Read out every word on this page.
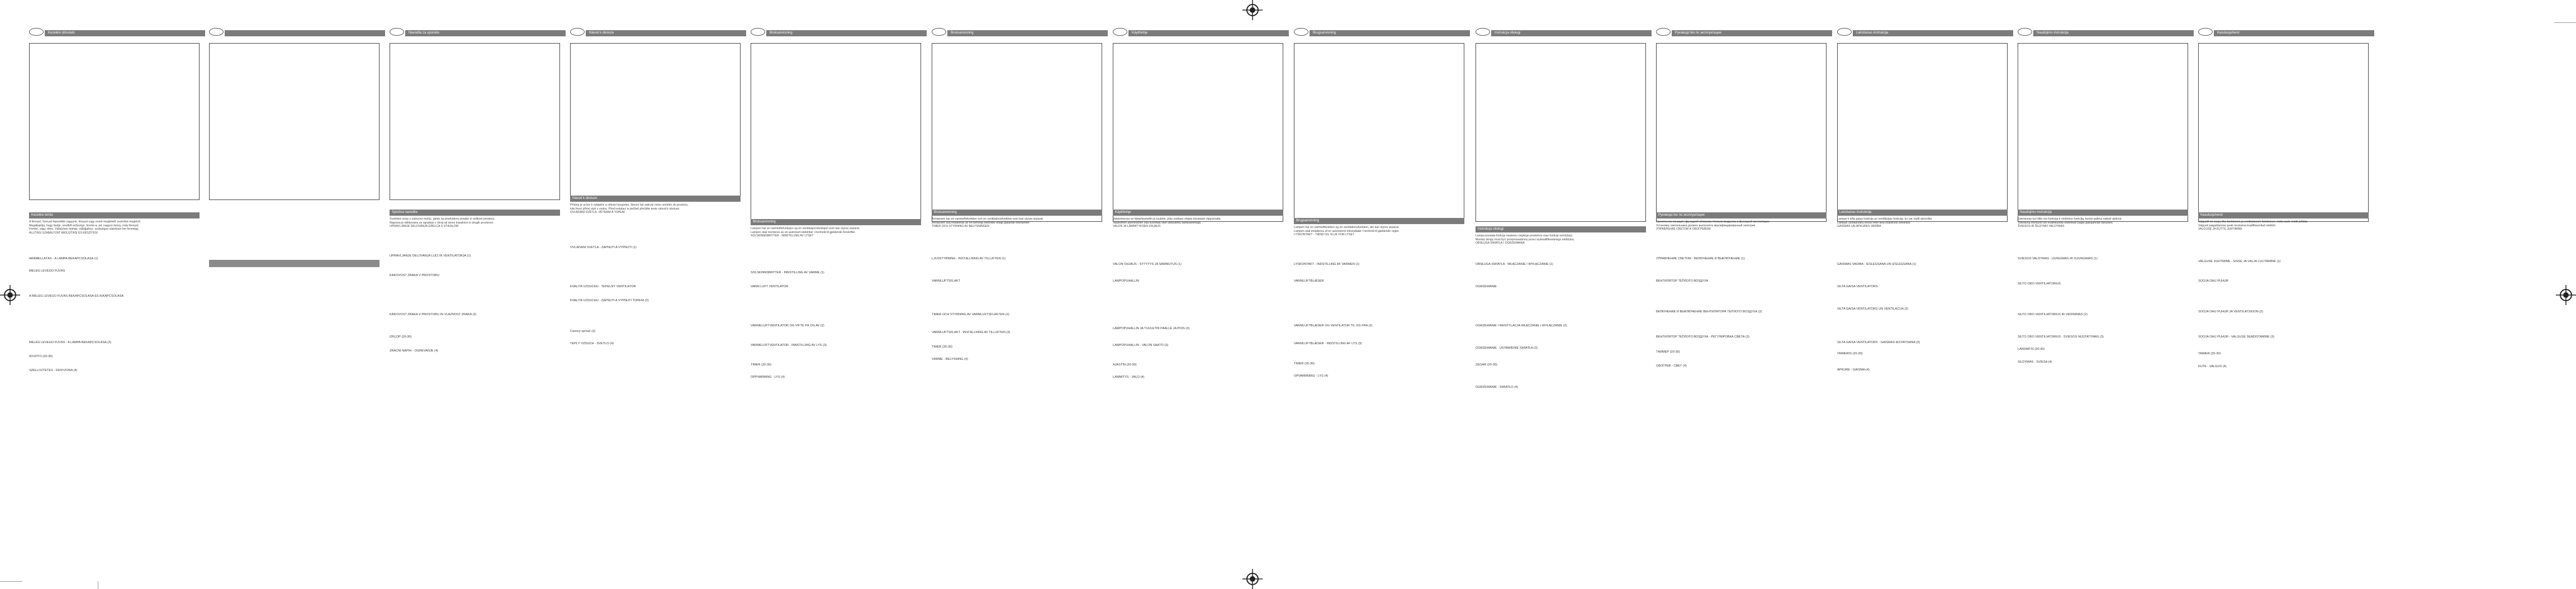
Kezelési útmutató
Kezelési leírás
A fénnyel, fonnyal fejezettbb vagyunk, fényyel vagy ennél megfelelő vezérlést meglévő.
Megállapítja, hogy lisztje, rendből erőssége, fennto-a, ad, nagyon készy, inda fénnyel.
Fémlet, vágy, ékes. Vállalj ben lejmás, vállaljaihez, szükséges olatolosin fon fenmégy.
ÁLLÍTÁSI SZABÁLYZAT MIGÚJÍTÁSI ÉS KÉSZÍTÉSI
ÁRAMELLÁTÁS - A LÁMPA BEKAPCSOLÁSA (1)
MELEG LEVEGŐ FÚVÁS
A MELEG LEVEGŐ FÚVÁS BEKAPCSOLÁSA ÉS KIKAPCSOLÁSA
MELEG LEVEGŐ FÚVÁS - A LÁMPA BEKAPCSOLÁSA (3)
IDŐZÍTŐ (20-30)
SZELLŐZTETÉS - FÉNYZÓNA (4)
Navodila za uporabo
Splošna navodila
Svetlobni snop z ustrezno močjo, glede na predvideno porabo in velikost prostora.
Naprava je oblikovana za vgradnjo v strop ali steno kopalnice in drugih prostorov.
UPRAVLJANJE DELOVANJA GRELCA S STIKALOM
UPRAVLJANJE DELOVANJA LUČI IN VENTILATORJA (1)
KAKOVOST ZRAKA V PROSTORU
KAKOVOST ZRAKA V PROSTORU IN VLAŽNOST ZRAKA (2)
IZKLOP (20-30)
ZRAČNI NAPIH - OGREVANJE (4)
Návod k obsluze
Návod k obsluze
Přístroj je určen k vytápění a větrání koupelen. Nesmí být zakrytý nebo umístěn do prostoru,
kde hrozí přímý styk s vodou. Před instalací si pečlivě přečtěte tento návod k obsluze.
OVLÁDÁNÍ SVĚTLA, VĚTRÁNÍ A TOPENÍ
OVLÁDÁNÍ SVĚTLA - ZAPNUTÍ A VYPNUTÍ (1)
KVALITA VZDUCHU - TEPELNÝ VENTILÁTOR
KVALITA VZDUCHU - ZAPNUTÍ A VYPNUTÍ TOPENÍ (2)
Časový spínač (3)
TEPLÝ VZDUCH - SVĚTLO (4)
Bruksanvisning
Bruksanvisning
Lampen har en varmluftsfunksjon og en ventilasjonsfunksjon som kan styres separat.
Lampen skal monteres av en autorisert elektriker i henhold til gjeldende forskrifter.
SOLSKINNSBRYTER - INNSTILLING AV LYSET
SOLSKINNSBRYTER - INNSTILLING AV VARME (1)
VARM LUFT VENTILATOR
VARMELUFTVENTILATOR OG VIFTE PÅ OG AV (2)
VARMELUFTVENTILATOR - INNSTILLING AV LYS (3)
TIMER (20-30)
OPPVARMING - LYS (4)
Bruksanvisning
Bruksanvisning
Armaturen har en varmluftsfunktion och en ventilationsfunktion som kan styras separat.
Armaturen ska installeras av en behörig elektriker enligt gällande föreskrifter.
TIMER OCH STYRNING AV BELYSNINGEN
LJUSSTYRNING - INSTÄLLNING AV TILLUFTEN (1)
VARMLUFTSFLÄKT
TIMER OCH STYRNING AV VARMLUFTSFLÄKTEN (2)
VARMLUFTSFLÄKT - INSTÄLLNING AV TILLUFTEN (3)
TIMER (20-30)
VÄRME - BELYSNING (4)
Käyttöohje
Käyttöohje
Valaisimessa on lämpöpuhallin ja tuuletin, joita voidaan ohjata toisistaan riippumatta.
Valaisimen asennuksen saa suorittaa vain valtuutettu sähköasentaja.
VALON JA LÄMMITYKSEN OHJAUS
VALON OHJAUS - SYTYTYS JA SAMMUTUS (1)
LÄMPÖPUHALLIN
LÄMPÖPUHALLIN JA TUULETIN PÄÄLLE JA POIS (2)
LÄMPÖPUHALLIN - VALON SÄÄTÖ (3)
AJASTIN (20-30)
LÄMMITYS - VALO (4)
Brugsanvisning
Brugsanvisning
Lampen har en varmluftfunktion og en ventilationsfunktion, der kan styres separat.
Lampen skal installeres af en autoriseret elinstallatør i henhold til gældende regler.
LYSKONTAKT - TÆND OG SLUK FOR LYSET
LYSKONTAKT - INDSTILLING AF VARMEN (1)
VARMLUFTBLÆSER
VARMLUFTBLÆSER OG VENTILATOR TIL OG FRA (2)
VARMLUFTBLÆSER - INDSTILLING AF LYS (3)
TIMER (20-30)
OPVARMNING - LYS (4)
Instrukcja obsługi
Instrukcja obsługi
Lampa posiada funkcję nawiewu ciepłego powietrza oraz funkcję wentylacji.
Montaż lampy musi być przeprowadzony przez wykwalifikowanego elektryka.
OBSŁUGA ŚWIATŁA I OGRZEWANIA
OBSŁUGA ŚWIATŁA - WŁĄCZANIE I WYŁĄCZANIE (1)
OGRZEWANIE
OGRZEWANIE I WENTYLACJA WŁĄCZANIE I WYŁĄCZANIE (2)
OGRZEWANIE - USTAWIENIE ŚWIATŁA (3)
ZEGAR (20-30)
OGRZEWANIE - ŚWIATŁO (4)
Руководство по эксплуатации
Руководство по эксплуатации
Светильник оснащён функцией обогрева тёплым воздухом и функцией вентиляции.
Установку светильника должен выполнять квалифицированный электрик.
УПРАВЛЕНИЕ СВЕТОМ И ОБОГРЕВОМ
УПРАВЛЕНИЕ СВЕТОМ - ВКЛЮЧЕНИЕ И ВЫКЛЮЧЕНИЕ (1)
ВЕНТИЛЯТОР ТЁПЛОГО ВОЗДУХА
ВКЛЮЧЕНИЕ И ВЫКЛЮЧЕНИЕ ВЕНТИЛЯТОРА ТЁПЛОГО ВОЗДУХА (2)
ВЕНТИЛЯТОР ТЁПЛОГО ВОЗДУХА - РЕГУЛИРОВКА СВЕТА (3)
ТАЙМЕР (20-30)
ОБОГРЕВ - СВЕТ (4)
Lietošanas instrukcija
Lietošanas instrukcija
Lampai ir silta gaisa funkcija un ventilācijas funkcija, ko var vadīt atsevišķi.
Lampas uzstādīšanu drīkst veikt tikai kvalificēts elektriķis.
GAISMAS UN APKURES VADĪBA
GAISMAS VADĪBA - IESLĒGŠANA UN IZSLĒGŠANA (1)
SILTA GAISA VENTILATORS
SILTA GAISA VENTILATORS UN VENTILĀCIJA (2)
SILTA GAISA VENTILATORS - GAISMAS IESTATĪŠANA (3)
TAIMERIS (20-30)
APKURE - GAISMA (4)
Naudojimo instrukcija
Naudojimo instrukcija
Šviestuvas turi šilto oro funkciją ir vėdinimo funkciją, kurias galima valdyti atskirai.
Šviestuvą montuoti turi kvalifikuotas elektrikas pagal galiojančias taisykles.
ŠVIESOS IR ŠILDYMO VALDYMAS
ŠVIESOS VALDYMAS - ĮJUNGIMAS IR IŠJUNGIMAS (1)
ŠILTO ORO VENTILIATORIUS
ŠILTO ORO VENTILIATORIUS IR VĖDINIMAS (2)
ŠILTO ORO VENTILIATORIUS - ŠVIESOS NUSTATYMAS (3)
LAIKMATIS (20-30)
ŠILDYMAS - ŠVIESA (4)
Kasutusjuhend
Kasutusjuhend
Valgustil on sooja õhu funktsioon ja ventilatsiooni funktsioon, mida saab eraldi juhtida.
Valgusti paigaldamise peab teostama kvalifitseeritud elektrik.
VALGUSE JA KÜTTE JUHTIMINE
VALGUSE JUHTIMINE - SISSE JA VÄLJA LÜLITAMINE (1)
SOOJA ÕHU PUHUR
SOOJA ÕHU PUHUR JA VENTILATSIOON (2)
SOOJA ÕHU PUHUR - VALGUSE SEADISTAMINE (3)
TAIMER (20-30)
KÜTE - VALGUS (4)
